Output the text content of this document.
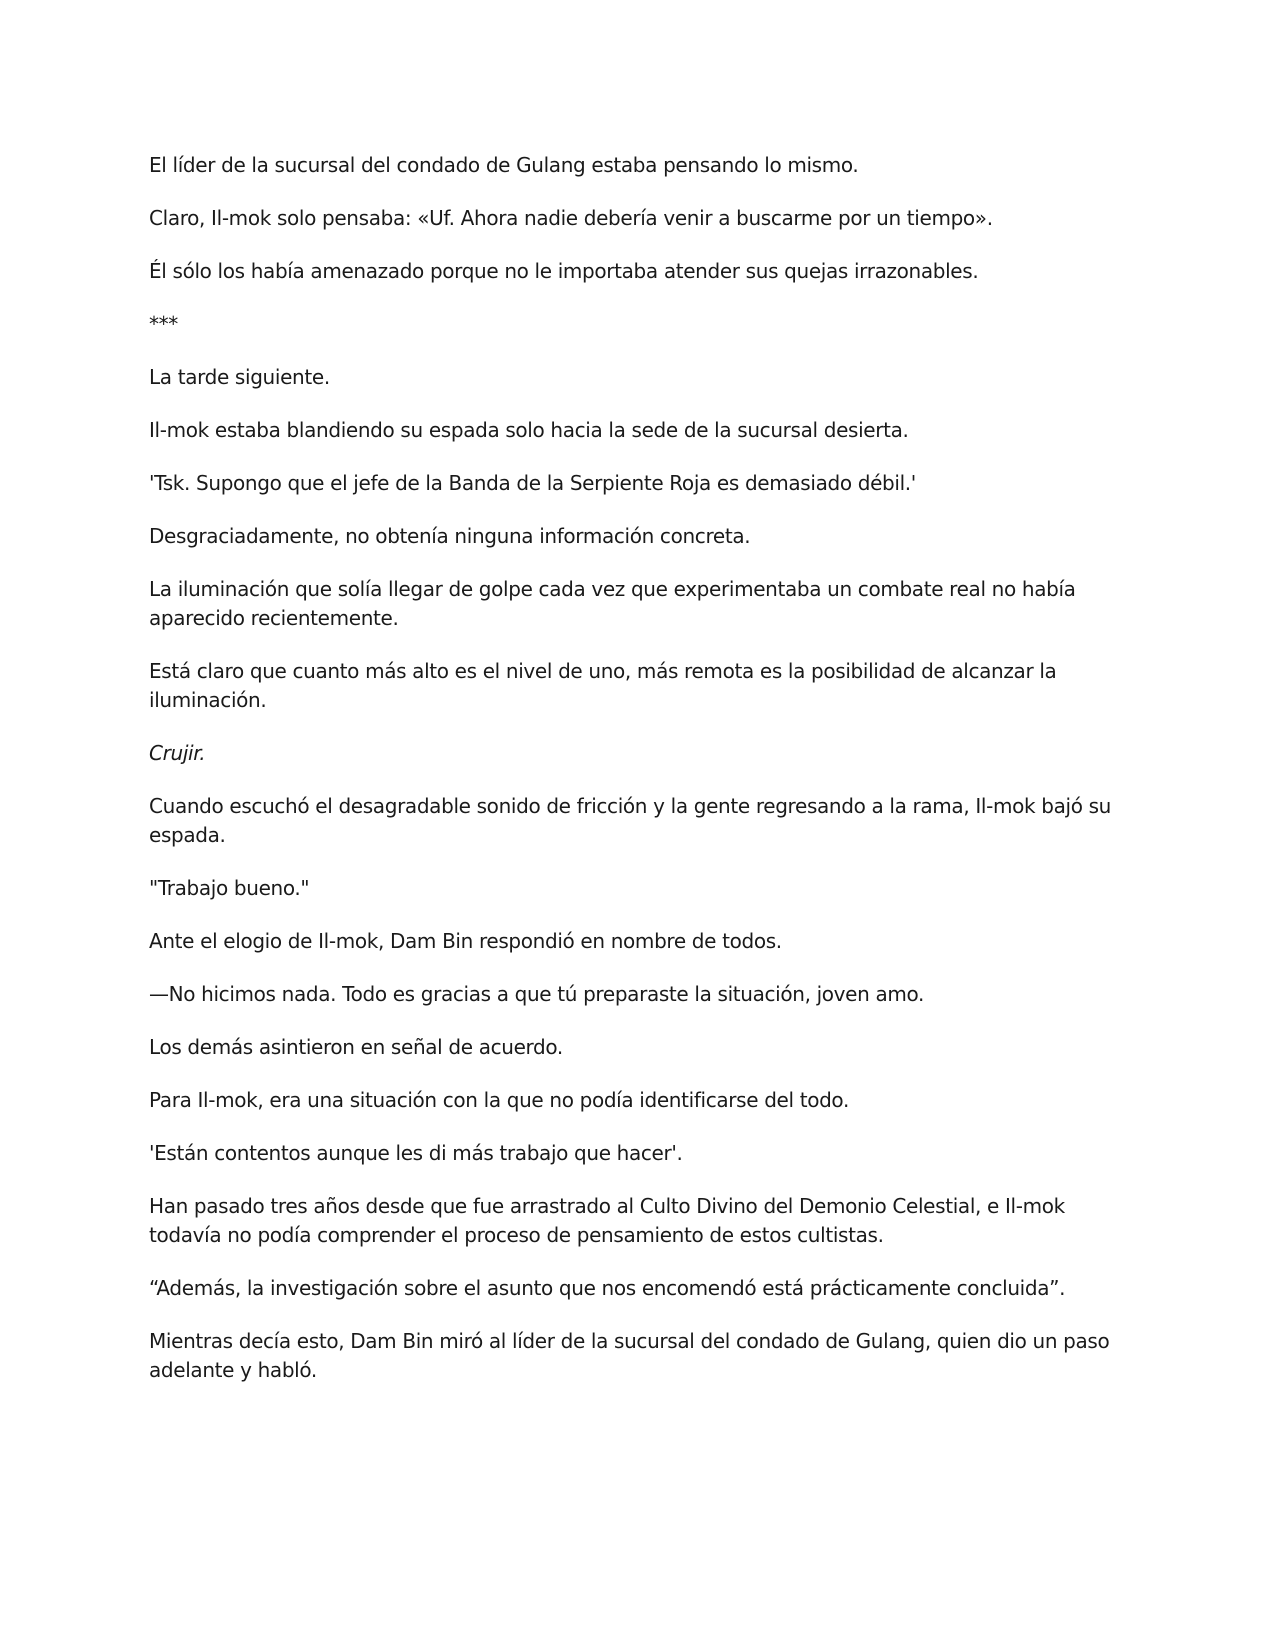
El líder de la sucursal del condado de Gulang estaba pensando lo mismo.

Claro, Il-mok solo pensaba: «Uf. Ahora nadie debería venir a buscarme por un tiempo».

Él sólo los había amenazado porque no le importaba atender sus quejas irrazonables.

***

La tarde siguiente.

Il-mok estaba blandiendo su espada solo hacia la sede de la sucursal desierta.

'Tsk. Supongo que el jefe de la Banda de la Serpiente Roja es demasiado débil.'

Desgraciadamente, no obtenía ninguna información concreta.

La iluminación que solía llegar de golpe cada vez que experimentaba un combate real no había aparecido recientemente.

Está claro que cuanto más alto es el nivel de uno, más remota es la posibilidad de alcanzar la iluminación.

Crujir.

Cuando escuchó el desagradable sonido de fricción y la gente regresando a la rama, Il-mok bajó su espada.

"Trabajo bueno."

Ante el elogio de Il-mok, Dam Bin respondió en nombre de todos.

—No hicimos nada. Todo es gracias a que tú preparaste la situación, joven amo.

Los demás asintieron en señal de acuerdo.

Para Il-mok, era una situación con la que no podía identificarse del todo.

'Están contentos aunque les di más trabajo que hacer'.

Han pasado tres años desde que fue arrastrado al Culto Divino del Demonio Celestial, e Il-mok todavía no podía comprender el proceso de pensamiento de estos cultistas.

“Además, la investigación sobre el asunto que nos encomendó está prácticamente concluida”.

Mientras decía esto, Dam Bin miró al líder de la sucursal del condado de Gulang, quien dio un paso adelante y habló.
